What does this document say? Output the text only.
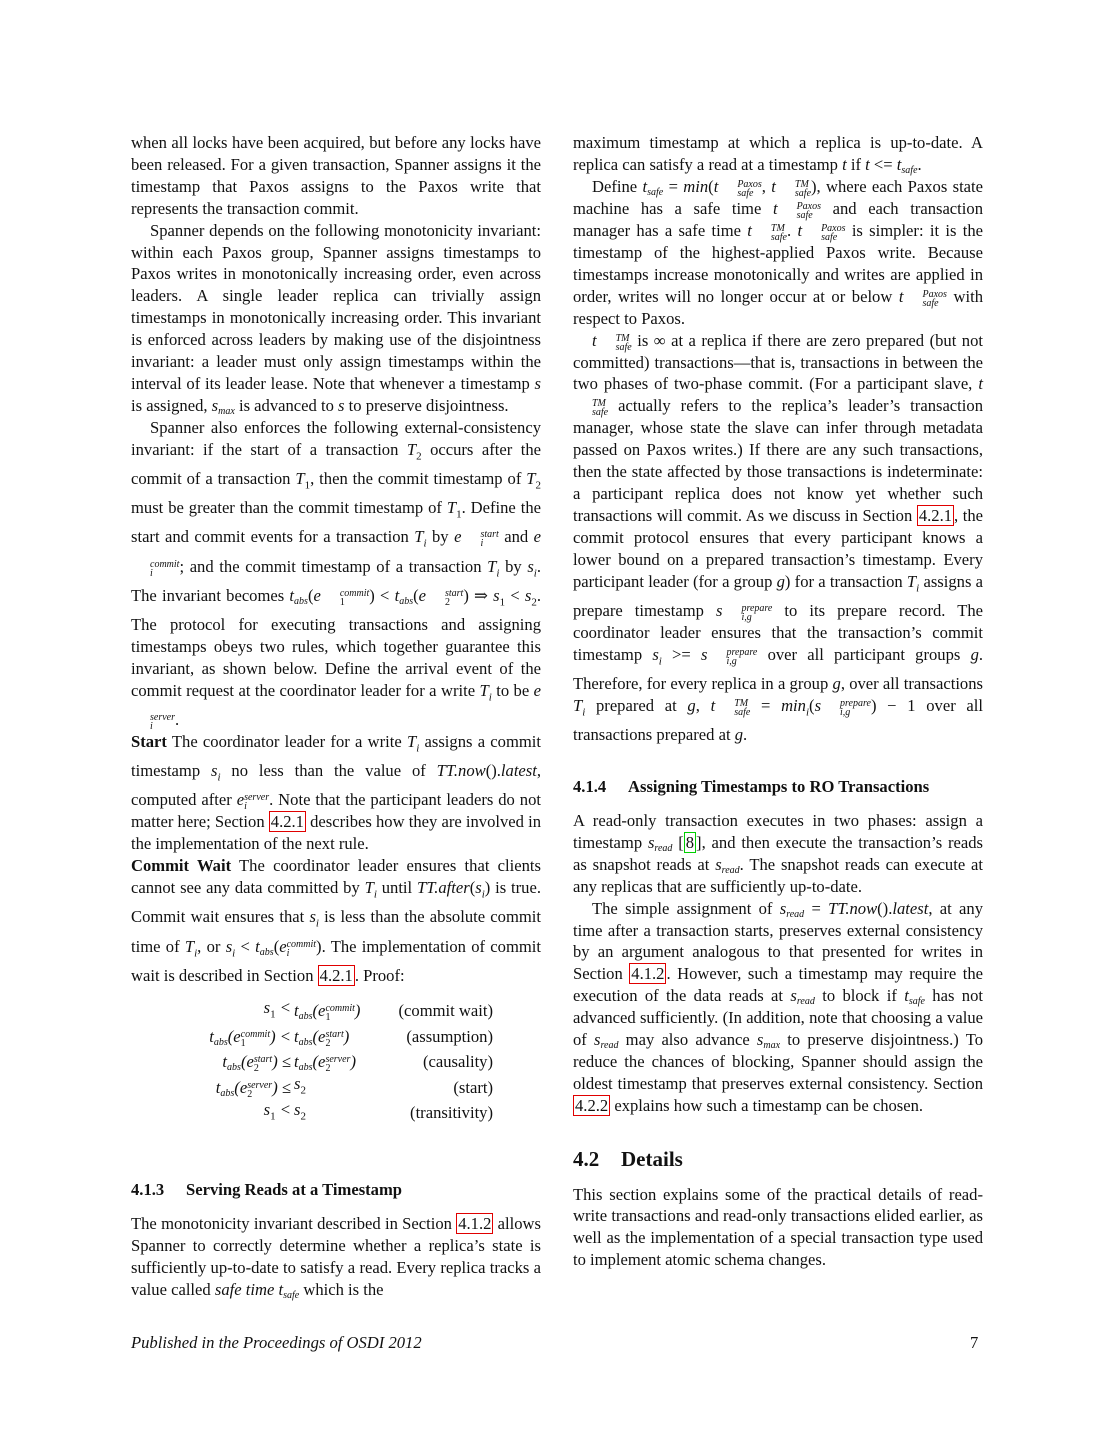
when all locks have been acquired, but before any locks have been released. For a given transaction, Spanner assigns it the timestamp that Paxos assigns to the Paxos write that represents the transaction commit.

Spanner depends on the following monotonicity invariant: within each Paxos group, Spanner assigns timestamps to Paxos writes in monotonically increasing order, even across leaders. A single leader replica can trivially assign timestamps in monotonically increasing order. This invariant is enforced across leaders by making use of the disjointness invariant: a leader must only assign timestamps within the interval of its leader lease. Note that whenever a timestamp s is assigned, $s_{max}$ is advanced to s to preserve disjointness.

Spanner also enforces the following external-consistency invariant: if the start of a transaction $T_2$ occurs after the commit of a transaction $T_1$, then the commit timestamp of $T_2$ must be greater than the commit timestamp of $T_1$. Define the start and commit events for a transaction $T_i$ by e	start
i and e
commit
i	; and the commit timestamp of a transaction $T_i$ by $s_i$. The invariant becomes $t_{abs}(e$	commit
1	) < $t_{abs}(e$	start
2 ) ⇒ $s_1 < s_2$. The protocol for executing transactions and assigning timestamps obeys two rules, which together guarantee this invariant, as shown below. Define the arrival event of the commit request at the coordinator leader for a write $T_i$ to be e
server
i	.

Start The coordinator leader for a write $T_i$ assigns a commit timestamp $s_i$ no less than the value of TT.now().latest, computed after e server
i	. Note that the participant leaders do not matter here; Section 4.2.1 describes how they are involved in the implementation of the next rule.

Commit Wait The coordinator leader ensures that clients cannot see any data committed by $T_i$ until $TT.after(s_i)$ is true. Commit wait ensures that $s_i$ is less than the absolute commit time of $T_i$, or $s_i < t_{abs}(e$ commit
i	). The implementation of commit wait is described in Section 4.2.1 . Proof:

$s_1 < t_{abs}(e$ commit
1	)	(commit wait)
$t_{abs}(e$ commit
1	) < $t_{abs}(e$ start
2 )	(assumption)
$t_{abs}(e$ start
2 ) ≤ $t_{abs}(e$ server
2	)	(causality)
$t_{abs}(e$ server
2	) ≤ $s_2$	(start)
$s_1 < s_2$	(transitivity)
4.1.3 Serving Reads at a Timestamp

The monotonicity invariant described in Section 4.1.2 allows Spanner to correctly determine whether a replica’s state is sufficiently up-to-date to satisfy a read. Every replica tracks a value called safe time $t_{safe}$ which is the

maximum timestamp at which a replica is up-to-date. A replica can satisfy a read at a timestamp t if $t <= t_{safe}$.

Define $t_{safe} = \min(t$	Paxos
safe , t	TM
safe ), where each Paxos state machine has a safe time t	Paxos
safe and each transaction manager has a safe time t	TM
safe . t	Paxos
safe is simpler: it is the timestamp of the highest-applied Paxos write. Because timestamps increase monotonically and writes are applied in order, writes will no longer occur at or below t	Paxos
safe with respect to Paxos.

t	TM
safe is ∞ at a replica if there are zero prepared (but not committed) transactions—that is, transactions in between the two phases of two-phase commit. (For a participant slave, t
TM
safe actually refers to the replica’s leader’s transaction manager, whose state the slave can infer through metadata passed on Paxos writes.) If there are any such transactions, then the state affected by those transactions is indeterminate: a participant replica does not know yet whether such transactions will commit. As we discuss in Section 4.2.1 , the commit protocol ensures that every participant knows a lower bound on a prepared transaction’s timestamp. Every participant leader (for a group g) for a transaction $T_i$ assigns a prepare timestamp s	prepare
i,g	to its prepare record. The coordinator leader ensures that the transaction’s commit timestamp $s_i >= s$	prepare
i,g	over all participant groups g. Therefore, for every replica in a group g, over all transactions $T_i$ prepared at g, t	TM
safe = $\min_i(s$	prepare
i,g	) − 1 over all transactions prepared at g.

4.1.4 Assigning Timestamps to RO Transactions

A read-only transaction executes in two phases: assign a timestamp $s_{read}$ [ 8 ], and then execute the transaction’s reads as snapshot reads at $s_{read}$. The snapshot reads can execute at any replicas that are sufficiently up-to-date.

The simple assignment of $s_{read}$ = TT.now().latest, at any time after a transaction starts, preserves external consistency by an argument analogous to that presented for writes in Section 4.1.2 . However, such a timestamp may require the execution of the data reads at $s_{read}$ to block if $t_{safe}$ has not advanced sufficiently. (In addition, note that choosing a value of $s_{read}$ may also advance $s_{max}$ to preserve disjointness.) To reduce the chances of blocking, Spanner should assign the oldest timestamp that preserves external consistency. Section 4.2.2 explains how such a timestamp can be chosen.

4.2 Details

This section explains some of the practical details of read-write transactions and read-only transactions elided earlier, as well as the implementation of a special transaction type used to implement atomic schema changes.

Published in the Proceedings of OSDI 2012	7
